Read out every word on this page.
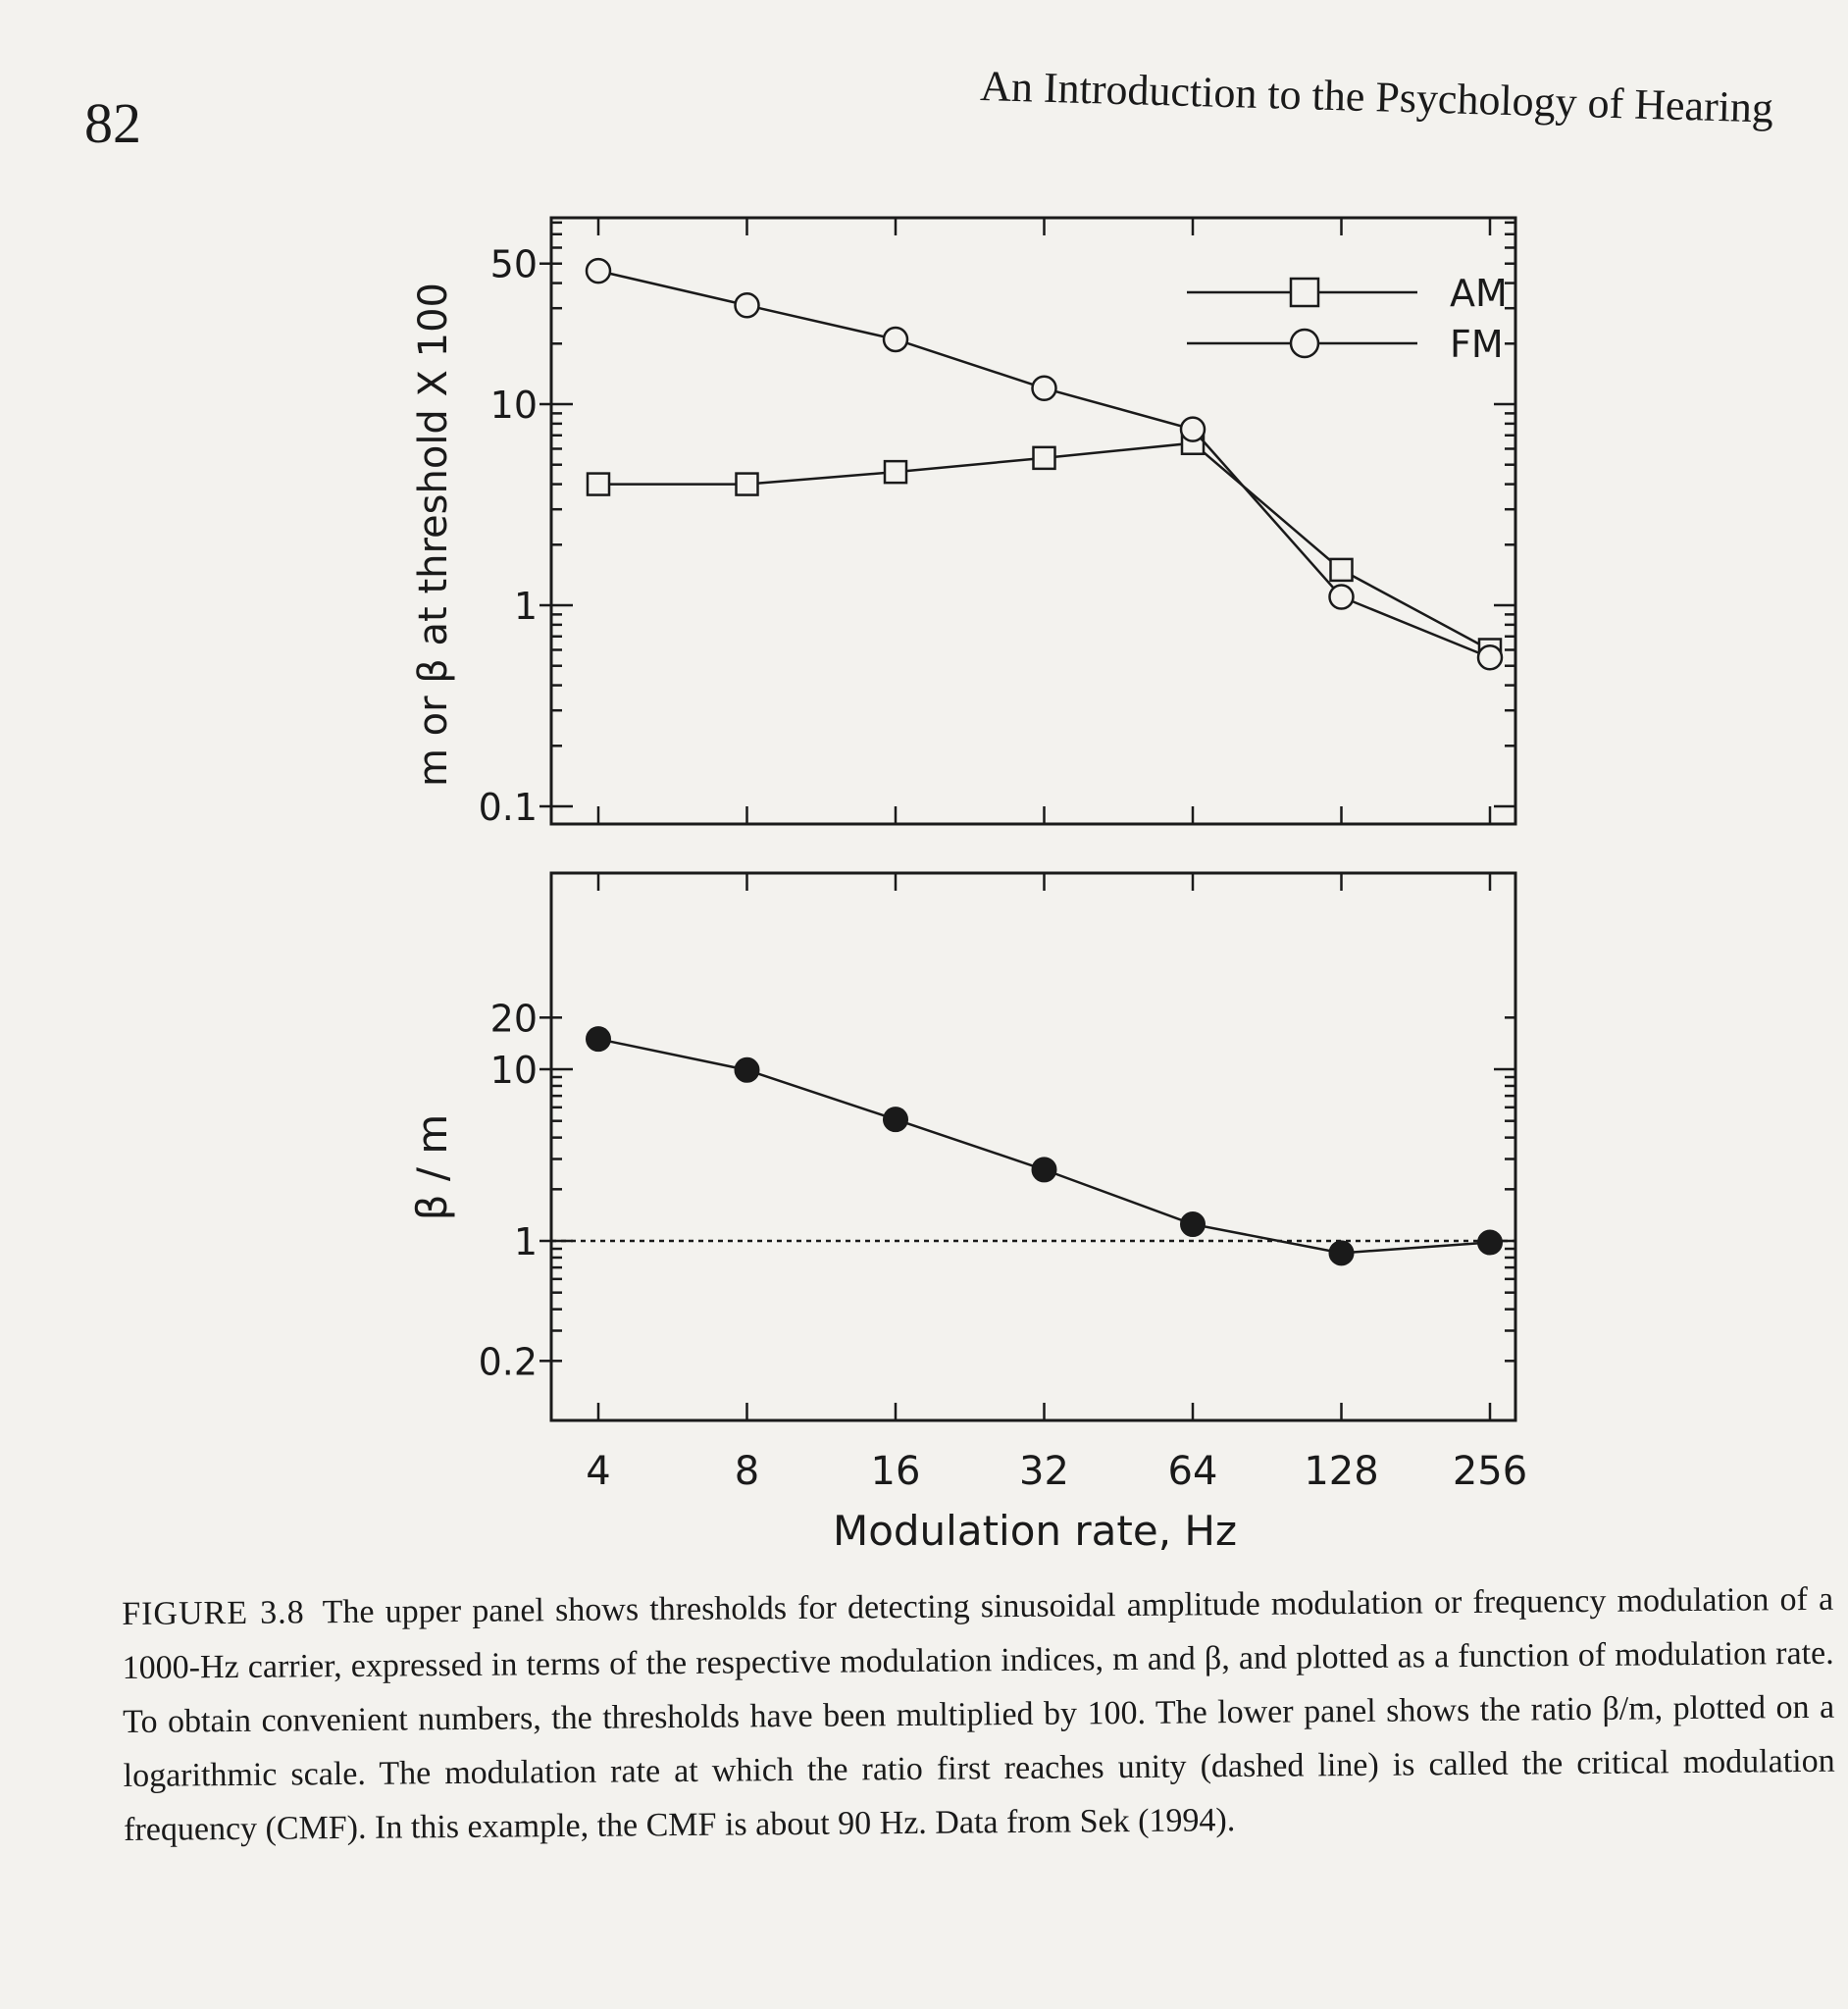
82	An Introduction to the Psychology of Hearing
0.1
1
10
50
0.2
1
10
20
4	8	16	32	64 128 256
Modulation rate, Hz
m or β at threshold X 100
β / m
AM
FM
FIGURE 3.8 The upper panel shows thresholds for detecting sinusoidal amplitude modulation or frequency modulation of a 1000-Hz carrier, expressed in terms of the respective modulation indices, m and β, and plotted as a function of modulation rate. To obtain convenient numbers, the thresholds have been multiplied by 100. The lower panel shows the ratio β/m, plotted on a logarithmic scale. The modulation rate at which the ratio first reaches unity (dashed line) is called the critical modulation frequency (CMF). In this example, the CMF is about 90 Hz. Data from Sek (1994).
